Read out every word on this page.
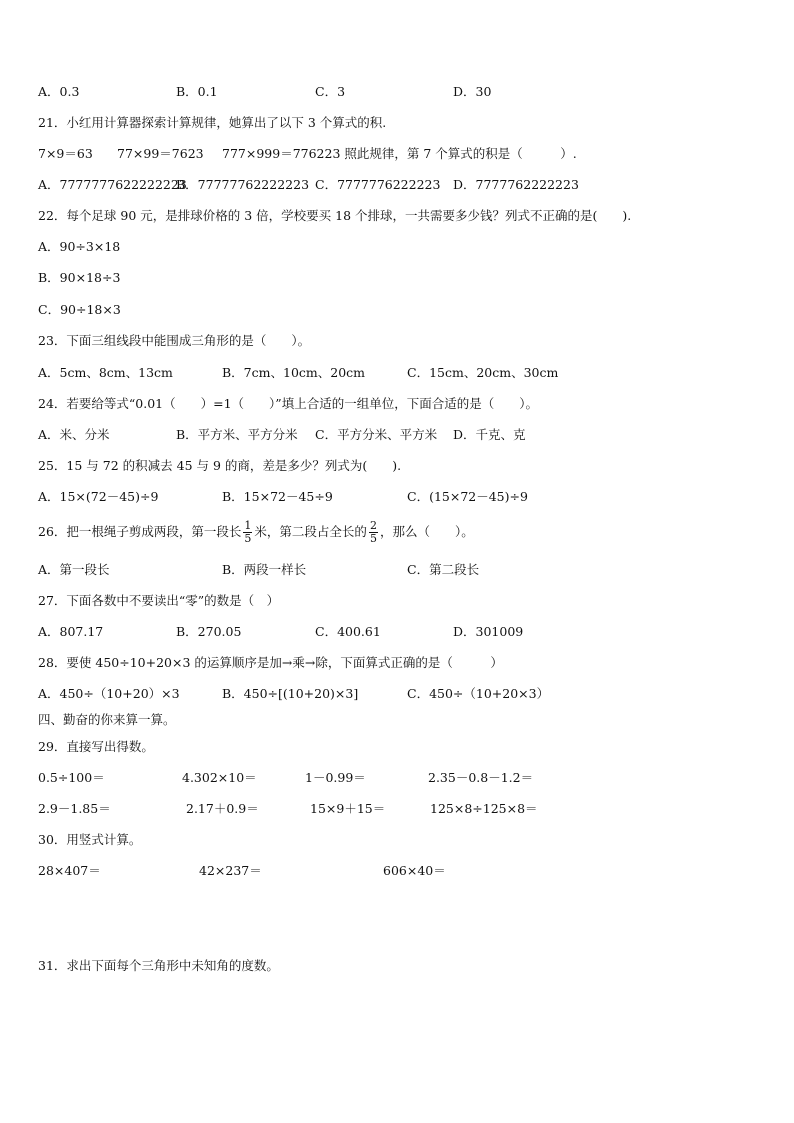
A．0.3	B．0.1	C．3	D．30
21．小红用计算器探索计算规律，她算出了以下 3 个算式的积.
7×9＝63 77×99＝7623 777×999＝776223 照此规律，第 7 个算式的积是（　　　）.
A．7777777622222223
B．77777762222223 C．7777776222223 D．7777762222223
22．每个足球 90 元，是排球价格的 3 倍，学校要买 18 个排球，一共需要多少钱？列式不正确的是(　　).
A．90÷3×18
B．90×18÷3
C．90÷18×3
23．下面三组线段中能围成三角形的是（　　）。
A．5cm、8cm、13cm	B．7cm、10cm、20cm	C．15cm、20cm、30cm
24．若要给等式“0.01（　　）=1（　　）”填上合适的一组单位，下面合适的是（　　）。
A．米、分米	B．平方米、平方分米 C．平方分米、平方米 D．千克、克
25．15 与 72 的积减去 45 与 9 的商，差是多少？列式为(　　).
A．15×(72－45)÷9	B．15×72－45÷9	C．(15×72－45)÷9
26．把一根绳子剪成两段，第一段长 $\frac{1}{5}$ 米，第二段占全长的 $\frac{2}{5}$ ，那么（　　）。
A．第一段长	B．两段一样长	C．第二段长
27．下面各数中不要读出“零”的数是（　）
A．807.17	B．270.05	C．400.61	D．301009
28．要使 450÷10+20×3 的运算顺序是加→乘→除，下面算式正确的是（　　　）
A．450÷（10+20）×3	B．450÷[(10+20)×3]	C．450÷（10+20×3）
四、勤奋的你来算一算。
29．直接写出得数。
0.5÷100＝	4.302×10＝	1－0.99＝	2.35－0.8－1.2＝
2.9－1.85＝	2.17＋0.9＝	15×9＋15＝	125×8÷125×8＝
30．用竖式计算。
28×407＝	42×237＝	606×40＝
31．求出下面每个三角形中未知角的度数。
